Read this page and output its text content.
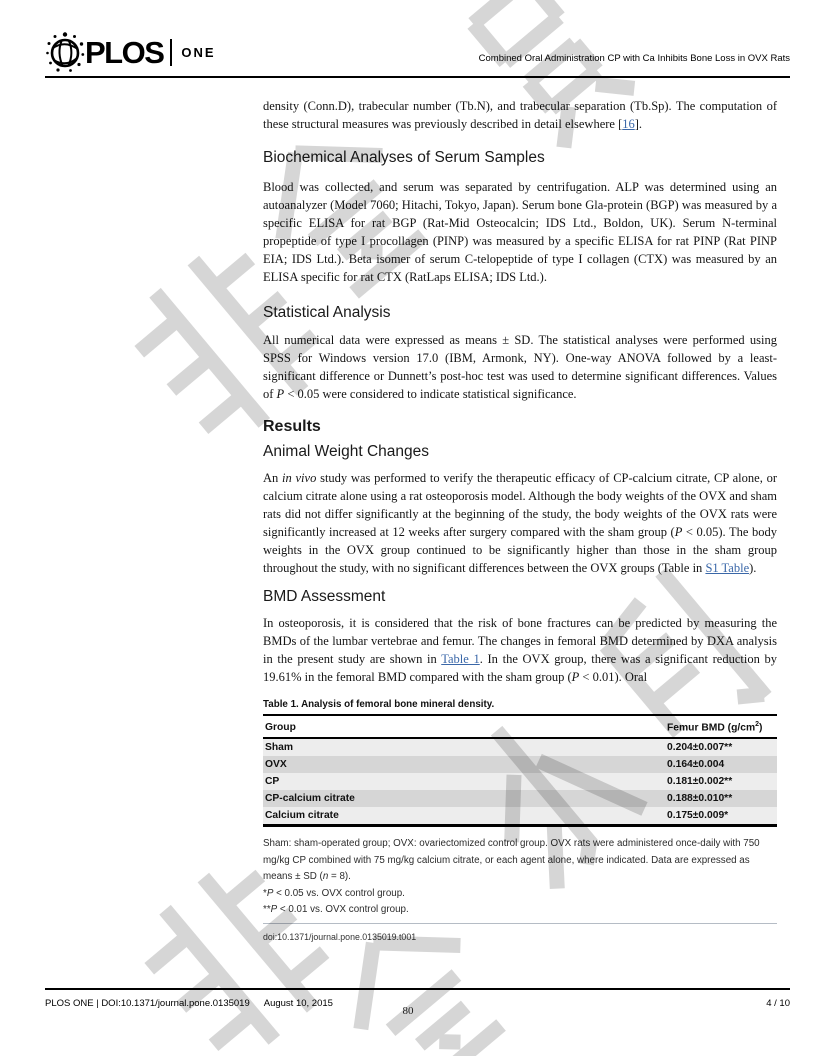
PLOS ONE	Combined Oral Administration CP with Ca Inhibits Bone Loss in OVX Rats

density (Conn.D), trabecular number (Tb.N), and trabecular separation (Tb.Sp). The computation of these structural measures was previously described in detail elsewhere [16].

Biochemical Analyses of Serum Samples

Blood was collected, and serum was separated by centrifugation. ALP was determined using an autoanalyzer (Model 7060; Hitachi, Tokyo, Japan). Serum bone Gla-protein (BGP) was measured by a specific ELISA for rat BGP (Rat-Mid Osteocalcin; IDS Ltd., Boldon, UK). Serum N-terminal propeptide of type I procollagen (PINP) was measured by a specific ELISA for rat PINP (Rat PINP EIA; IDS Ltd.). Beta isomer of serum C-telopeptide of type I collagen (CTX) was measured by an ELISA specific for rat CTX (RatLaps ELISA; IDS Ltd.).

Statistical Analysis

All numerical data were expressed as means ± SD. The statistical analyses were performed using SPSS for Windows version 17.0 (IBM, Armonk, NY). One-way ANOVA followed by a least-significant difference or Dunnett’s post-hoc test was used to determine significant differences. Values of P < 0.05 were considered to indicate statistical significance.

Results
Animal Weight Changes

An in vivo study was performed to verify the therapeutic efficacy of CP-calcium citrate, CP alone, or calcium citrate alone using a rat osteoporosis model. Although the body weights of the OVX and sham rats did not differ significantly at the beginning of the study, the body weights of the OVX rats were significantly increased at 12 weeks after surgery compared with the sham group (P < 0.05). The body weights in the OVX group continued to be significantly higher than those in the sham group throughout the study, with no significant differences between the OVX groups (Table in S1 Table).

BMD Assessment

In osteoporosis, it is considered that the risk of bone fractures can be predicted by measuring the BMDs of the lumbar vertebrae and femur. The changes in femoral BMD determined by DXA analysis in the present study are shown in Table 1. In the OVX group, there was a significant reduction by 19.61% in the femoral BMD compared with the sham group (P < 0.01). Oral

Table 1. Analysis of femoral bone mineral density.
Group	Femur BMD $(g/cm^2)$
Sham	0.204±0.007**
OVX	0.164±0.004
CP	0.181±0.002**
CP-calcium citrate	0.188±0.010**
Calcium citrate	0.175±0.009*

Sham: sham-operated group; OVX: ovariectomized control group. OVX rats were administered once-daily with 750 mg/kg CP combined with 75 mg/kg calcium citrate, or each agent alone, where indicated. Data are expressed as means ± SD (n = 8).

*P < 0.05 vs. OVX control group.

**P < 0.01 vs. OVX control group.

doi:10.1371/journal.pone.0135019.t001
PLOS ONE | DOI:10.1371/journal.pone.0135019 August 10, 2015	4 / 10
80
